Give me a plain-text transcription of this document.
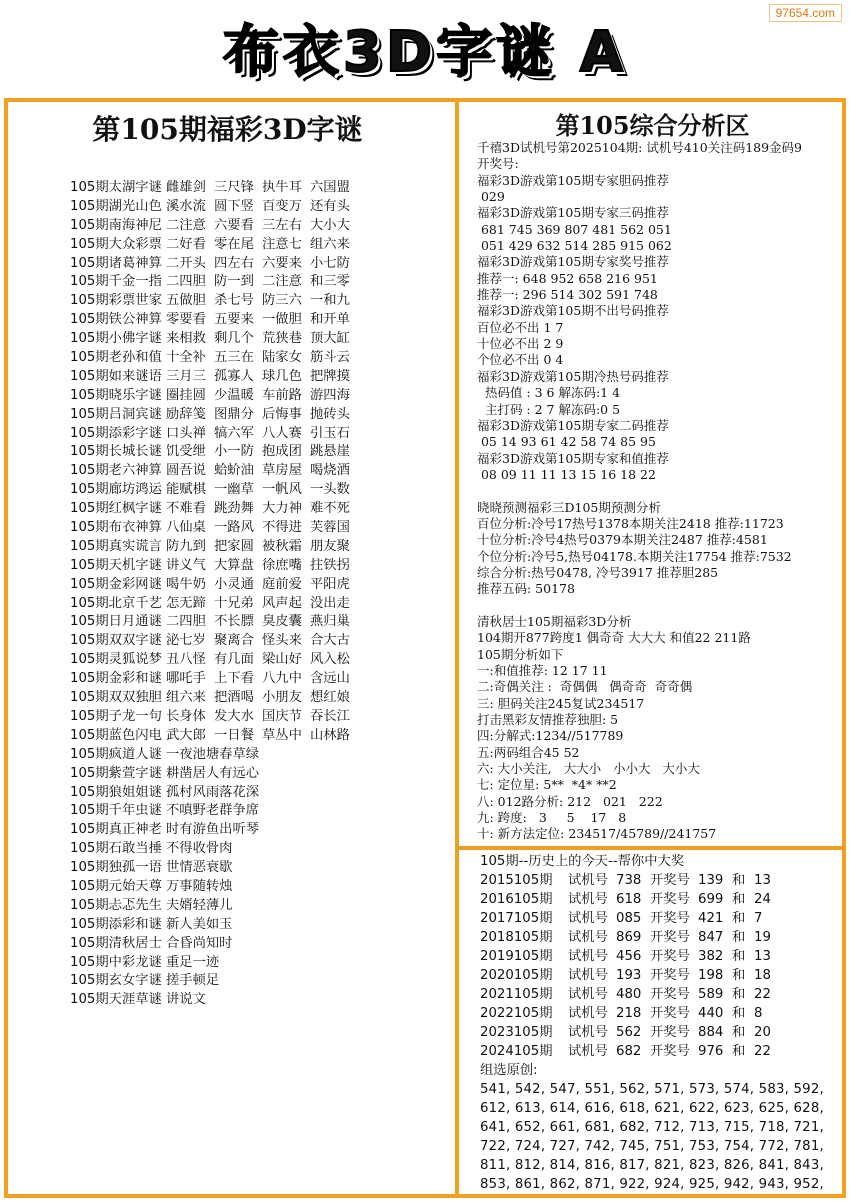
97654.com
布衣3D字谜 A
第105期福彩3D字谜
105期太湖字谜 雌雄剑 三尺锋 执牛耳 六国盟
105期湖光山色 溪水流 圆下竖 百变万 还有头
105期南海神尼 二注意 六要看 三左右 大小大
105期大众彩票 二好看 零在尾 注意七 组六来
105期诸葛神算 二开头 四左右 六要来 小七防
105期千金一指 二四胆 防一到 二注意 和三零
105期彩票世家 五做胆 杀七号 防三六 一和九
105期铁公神算 零要看 五要来 一做胆 和开单
105期小佛字谜 来相救 剩几个 荒狭巷 顶大缸
105期老孙和值 十全补 五三在 陆家女 筋斗云
105期如来谜语 三月三 孤寡人 球几色 把牌摸
105期晓乐字谜 圈挂圆 少温暖 车前路 游四海
105期吕洞宾谜 励辞笺 图鼎分 后悔事 抛砖头
105期添彩字谜 口头禅 犒六军 八人赛 引玉石
105期长城长谜 饥受绁 小一防 抱成团 跳悬崖
105期老六神算 圆吾说 蛤蚧油 草房屋 喝烧酒
105期廊坊鸿运 能赋棋 一幽草 一帆风 一头数
105期红枫字谜 不难看 跳劲舞 大力神 难不死
105期布衣神算 八仙桌 一路风 不得进 芙蓉国
105期真实谎言 防九到 把家圆 被秋霜 朋友聚
105期天机字谜 讲义气 大算盘 徐庶嘴 拄铁拐
105期金彩网谜 喝牛奶 小灵通 庭前爱 平阳虎
105期北京千艺 怎无蹄 十兄弟 风声起 没出走
105期日月通谜 二四胆 不长膘 臭皮囊 燕归巢
105期双双字谜 泌七岁 聚离合 怪头来 合大古
105期灵狐说梦 丑八怪 有几面 梁山好 风入松
105期金彩和谜 哪吒手 上下看 八九中 含远山
105期双双独胆 组六来 把酒喝 小朋友 想红娘
105期子龙一句 长身体 发大水 国庆节 吞长江
105期蓝色闪电 武大郎 一日餐 草丛中 山林路
105期疯道人谜 一夜池塘春草绿
105期紫萱字谜 耕凿居人有远心
105期狼姐姐谜 孤村风雨落花深
105期千年虫谜 不嗔野老群争席
105期真正神老 时有游鱼出听琴
105期石敢当捶 不得收骨肉
105期独孤一语 世情恶衰歇
105期元始天尊 万事随转烛
105期忐忑先生 夫婿轻薄儿
105期添彩和谜 新人美如玉
105期清秋居士 合昏尚知时
105期中彩龙谜 重足一迹
105期玄女字谜 搓手顿足
105期天涯草谜 讲说文
第105综合分析区
千禧3D试机号第2025104期: 试机号410关注码189金码9
开奖号:
福彩3D游戏第105期专家胆码推荐
029
福彩3D游戏第105期专家三码推荐
681 745 369 807 481 562 051
051 429 632 514 285 915 062
福彩3D游戏第105期专家奖号推荐
推荐一: 648 952 658 216 951
推荐一: 296 514 302 591 748
福彩3D游戏第105期不出号码推荐
百位必不出 1 7
十位必不出 2 9
个位必不出 0 4
福彩3D游戏第105期冷热号码推荐
热码值 : 3 6 解冻码:1 4
主打码 : 2 7 解冻码:0 5
福彩3D游戏第105期专家二码推荐
05 14 93 61 42 58 74 85 95
福彩3D游戏第105期专家和值推荐
08 09 11 11 13 15 16 18 22
晓晓预测福彩三D105期预测分析
百位分析:冷号17热号1378本期关注2418 推荐:11723
十位分析:冷号4热号0379本期关注2487 推荐:4581
个位分析:冷号5,热号04178.本期关注17754 推荐:7532
综合分析:热号0478, 冷号3917 推荐胆285
推荐五码: 50178
清秋居士105期福彩3D分析
104期开877跨度1 偶奇奇 大大大 和值22 211路
105期分析如下
一:和值推荐: 12 17 11
二:奇偶关注 :  奇偶偶   偶奇奇  奇奇偶
三: 胆码关注245复试234517
打击黑彩友情推荐独胆: 5
四:分解式:1234//517789
五:两码组合45 52
六: 大小关注,   大大小   小小大   大小大
七: 定位星: 5**  *4* **2
八: 012路分析: 212   021   222
九: 跨度:   3     5    17   8
十: 新方法定位: 234517/45789//241757
105期--历史上的今天--帮你中大奖
2015105期	试机号 738 开奖号 139 和 13
2016105期	试机号 618 开奖号 699 和 24
2017105期	试机号 085 开奖号 421 和 7
2018105期	试机号 869 开奖号 847 和 19
2019105期	试机号 456 开奖号 382 和 13
2020105期	试机号 193 开奖号 198 和 18
2021105期	试机号 480 开奖号 589 和 22
2022105期	试机号 218 开奖号 440 和 8
2023105期	试机号 562 开奖号 884 和 20
2024105期	试机号 682 开奖号 976 和 22
组选原创:
541, 542, 547, 551, 562, 571, 573, 574, 583, 592,
612, 613, 614, 616, 618, 621, 622, 623, 625, 628,
641, 652, 661, 681, 682, 712, 713, 715, 718, 721,
722, 724, 727, 742, 745, 751, 753, 754, 772, 781,
811, 812, 814, 816, 817, 821, 823, 826, 841, 843,
853, 861, 862, 871, 922, 924, 925, 942, 943, 952,
